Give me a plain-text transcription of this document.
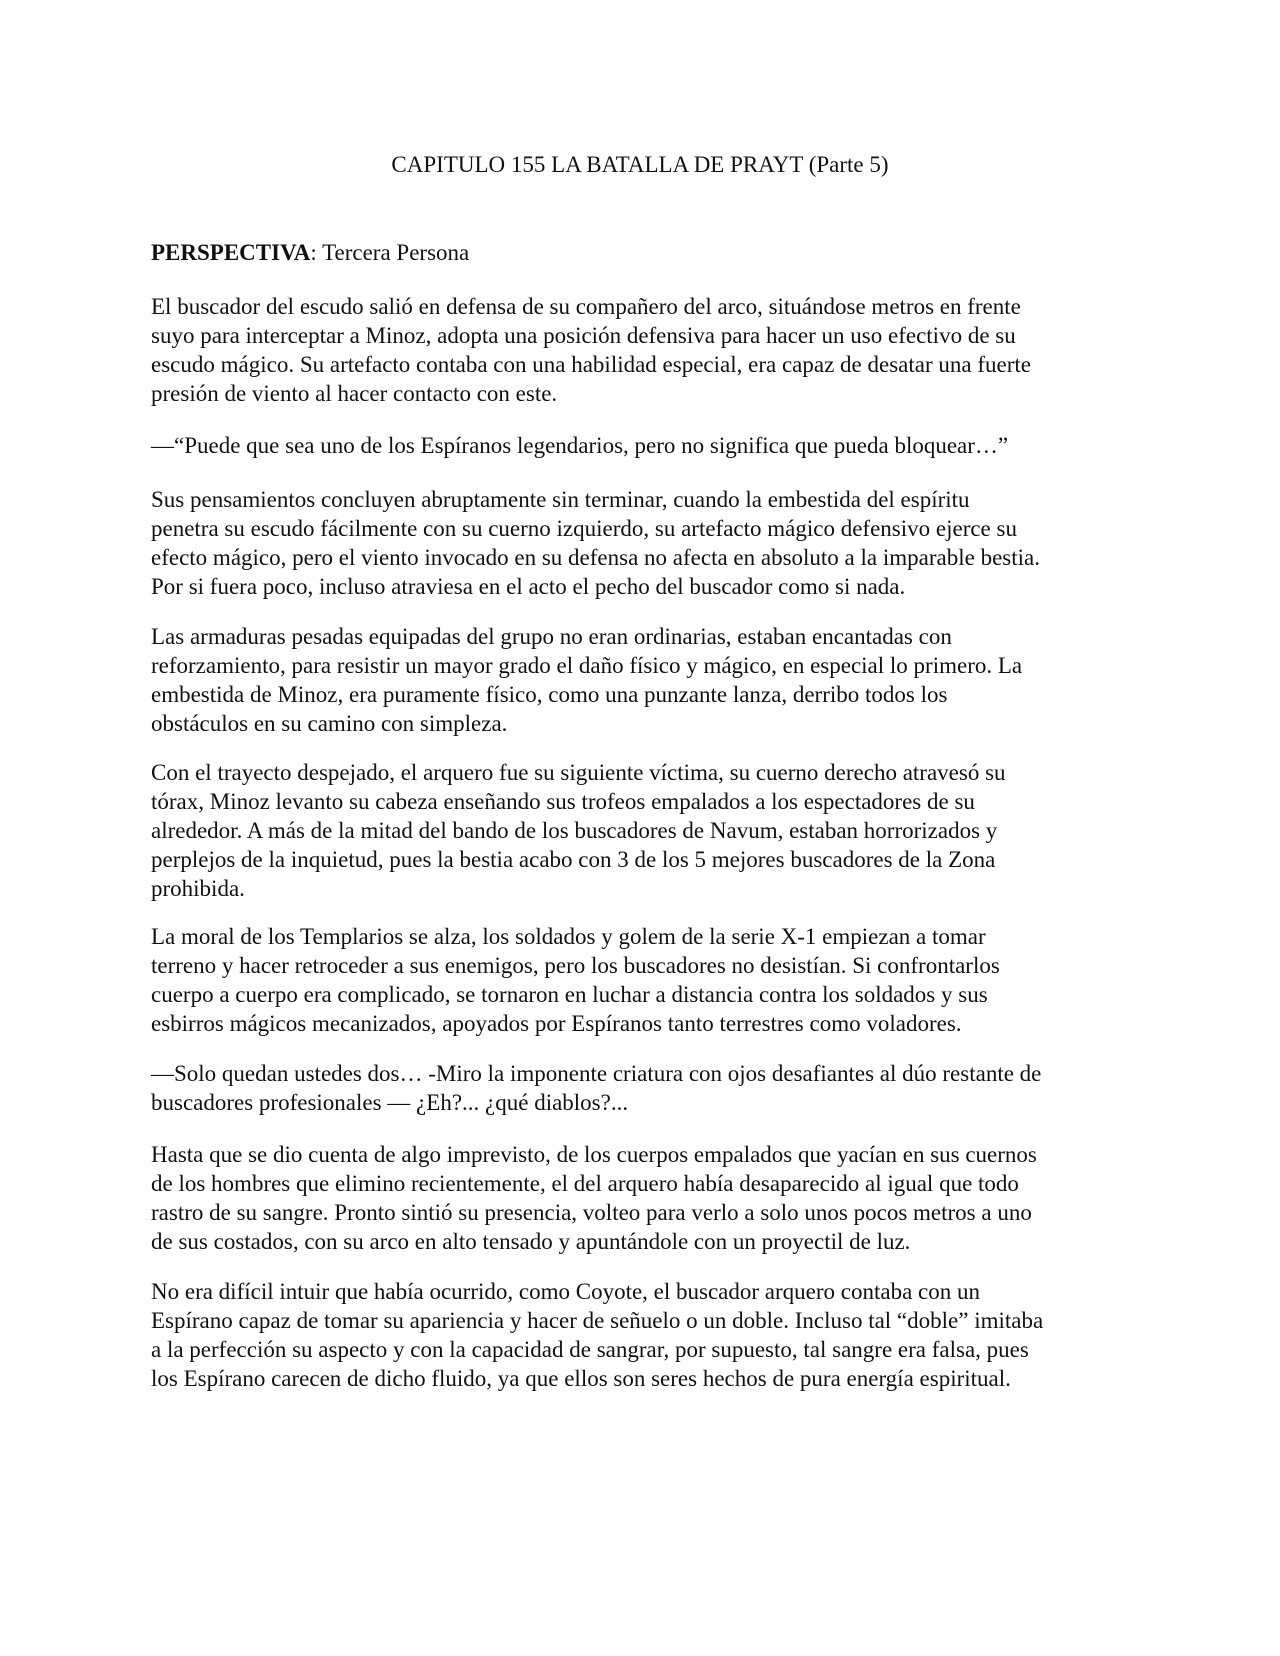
CAPITULO 155 LA BATALLA DE PRAYT (Parte 5)
PERSPECTIVA: Tercera Persona

El buscador del escudo salió en defensa de su compañero del arco, situándose metros en frente
suyo para interceptar a Minoz, adopta una posición defensiva para hacer un uso efectivo de su
escudo mágico. Su artefacto contaba con una habilidad especial, era capaz de desatar una fuerte
presión de viento al hacer contacto con este.

—“Puede que sea uno de los Espíranos legendarios, pero no significa que pueda bloquear…”

Sus pensamientos concluyen abruptamente sin terminar, cuando la embestida del espíritu
penetra su escudo fácilmente con su cuerno izquierdo, su artefacto mágico defensivo ejerce su
efecto mágico, pero el viento invocado en su defensa no afecta en absoluto a la imparable bestia.
Por si fuera poco, incluso atraviesa en el acto el pecho del buscador como si nada.

Las armaduras pesadas equipadas del grupo no eran ordinarias, estaban encantadas con
reforzamiento, para resistir un mayor grado el daño físico y mágico, en especial lo primero. La
embestida de Minoz, era puramente físico, como una punzante lanza, derribo todos los
obstáculos en su camino con simpleza.

Con el trayecto despejado, el arquero fue su siguiente víctima, su cuerno derecho atravesó su
tórax, Minoz levanto su cabeza enseñando sus trofeos empalados a los espectadores de su
alrededor. A más de la mitad del bando de los buscadores de Navum, estaban horrorizados y
perplejos de la inquietud, pues la bestia acabo con 3 de los 5 mejores buscadores de la Zona
prohibida.

La moral de los Templarios se alza, los soldados y golem de la serie X-1 empiezan a tomar
terreno y hacer retroceder a sus enemigos, pero los buscadores no desistían. Si confrontarlos
cuerpo a cuerpo era complicado, se tornaron en luchar a distancia contra los soldados y sus
esbirros mágicos mecanizados, apoyados por Espíranos tanto terrestres como voladores.

—Solo quedan ustedes dos… -Miro la imponente criatura con ojos desafiantes al dúo restante de
buscadores profesionales — ¿Eh?... ¿qué diablos?...

Hasta que se dio cuenta de algo imprevisto, de los cuerpos empalados que yacían en sus cuernos
de los hombres que elimino recientemente, el del arquero había desaparecido al igual que todo
rastro de su sangre. Pronto sintió su presencia, volteo para verlo a solo unos pocos metros a uno
de sus costados, con su arco en alto tensado y apuntándole con un proyectil de luz.

No era difícil intuir que había ocurrido, como Coyote, el buscador arquero contaba con un
Espírano capaz de tomar su apariencia y hacer de señuelo o un doble. Incluso tal “doble” imitaba
a la perfección su aspecto y con la capacidad de sangrar, por supuesto, tal sangre era falsa, pues
los Espírano carecen de dicho fluido, ya que ellos son seres hechos de pura energía espiritual.
